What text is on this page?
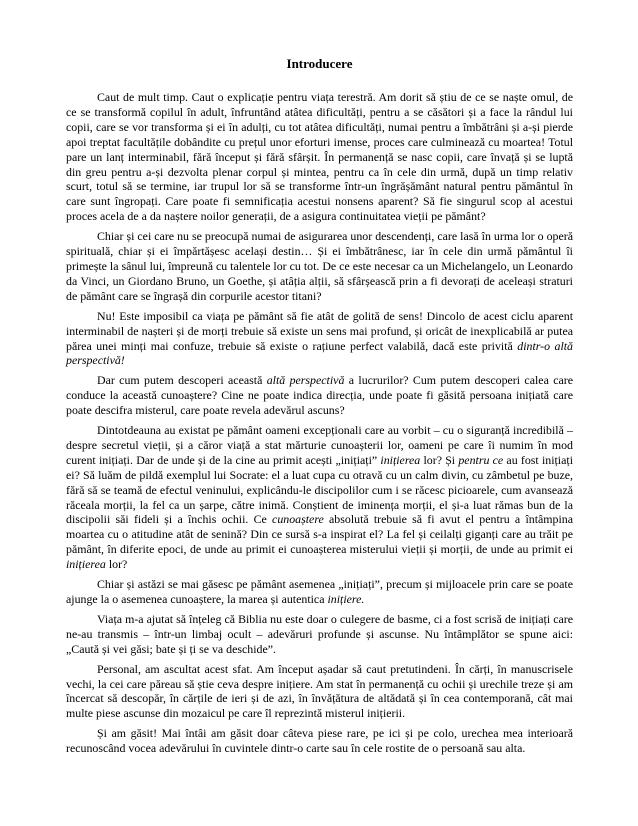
Introducere

Caut de mult timp. Caut o explicație pentru viața terestră. Am dorit să știu de ce se naște omul, de ce se transformă copilul în adult, înfruntând atâtea dificultăți, pentru a se căsători și a face la rândul lui copii, care se vor transforma și ei în adulți, cu tot atâtea dificultăți, numai pentru a îmbătrâni și a-și pierde apoi treptat facultățile dobândite cu prețul unor eforturi imense, proces care culminează cu moartea! Totul pare un lanț interminabil, fără început și fără sfârșit. În permanență se nasc copii, care învață și se luptă din greu pentru a-și dezvolta plenar corpul și mintea, pentru ca în cele din urmă, după un timp relativ scurt, totul să se termine, iar trupul lor să se transforme într-un îngrășământ natural pentru pământul în care sunt îngropați. Care poate fi semnificația acestui nonsens aparent? Să fie singurul scop al acestui proces acela de a da naștere noilor generații, de a asigura continuitatea vieții pe pământ?

Chiar și cei care nu se preocupă numai de asigurarea unor descendenți, care lasă în urma lor o operă spirituală, chiar și ei împărtășesc același destin… Și ei îmbătrânesc, iar în cele din urmă pământul îi primește la sânul lui, împreună cu talentele lor cu tot. De ce este necesar ca un Michelangelo, un Leonardo da Vinci, un Giordano Bruno, un Goethe, și atâția alții, să sfârșească prin a fi devorați de aceleași straturi de pământ care se îngrașă din corpurile acestor titani?

Nu! Este imposibil ca viața pe pământ să fie atât de golită de sens! Dincolo de acest ciclu aparent interminabil de nașteri și de morți trebuie să existe un sens mai profund, și oricât de inexplicabilă ar putea părea unei minți mai confuze, trebuie să existe o rațiune perfect valabilă, dacă este privită dintr-o altă perspectivă!

Dar cum putem descoperi această altă perspectivă a lucrurilor? Cum putem descoperi calea care conduce la această cunoaștere? Cine ne poate indica direcția, unde poate fi găsită persoana inițiată care poate descifra misterul, care poate revela adevărul ascuns?

Dintotdeauna au existat pe pământ oameni excepționali care au vorbit – cu o siguranță incredibilă – despre secretul vieții, și a căror viață a stat mărturie cunoașterii lor, oameni pe care îi numim în mod curent inițiați. Dar de unde și de la cine au primit acești „inițiați” inițierea lor? Și pentru ce au fost inițiați ei? Să luăm de pildă exemplul lui Socrate: el a luat cupa cu otravă cu un calm divin, cu zâmbetul pe buze, fără să se teamă de efectul veninului, explicându-le discipolilor cum i se răcesc picioarele, cum avansează răceala morții, la fel ca un șarpe, către inimă. Conștient de iminența morții, el și-a luat rămas bun de la discipolii săi fideli și a închis ochii. Ce cunoaștere absolută trebuie să fi avut el pentru a întâmpina moartea cu o atitudine atât de senină? Din ce sursă s-a inspirat el? La fel și ceilalți giganți care au trăit pe pământ, în diferite epoci, de unde au primit ei cunoașterea misterului vieții și morții, de unde au primit ei inițierea lor?

Chiar și astăzi se mai găsesc pe pământ asemenea „inițiați”, precum și mijloacele prin care se poate ajunge la o asemenea cunoaștere, la marea și autentica inițiere.

Viața m-a ajutat să înțeleg că Biblia nu este doar o culegere de basme, ci a fost scrisă de inițiați care ne-au transmis – într-un limbaj ocult – adevăruri profunde și ascunse. Nu întâmplător se spune aici: „Caută și vei găsi; bate și ți se va deschide”.

Personal, am ascultat acest sfat. Am început așadar să caut pretutindeni. În cărți, în manuscrisele vechi, la cei care păreau să știe ceva despre inițiere. Am stat în permanență cu ochii și urechile treze și am încercat să descopăr, în cărțile de ieri și de azi, în învățătura de altădată și în cea contemporană, cât mai multe piese ascunse din mozaicul pe care îl reprezintă misterul inițierii.

Și am găsit! Mai întâi am găsit doar câteva piese rare, pe ici și pe colo, urechea mea interioară recunoscând vocea adevărului în cuvintele dintr-o carte sau în cele rostite de o persoană sau alta.
